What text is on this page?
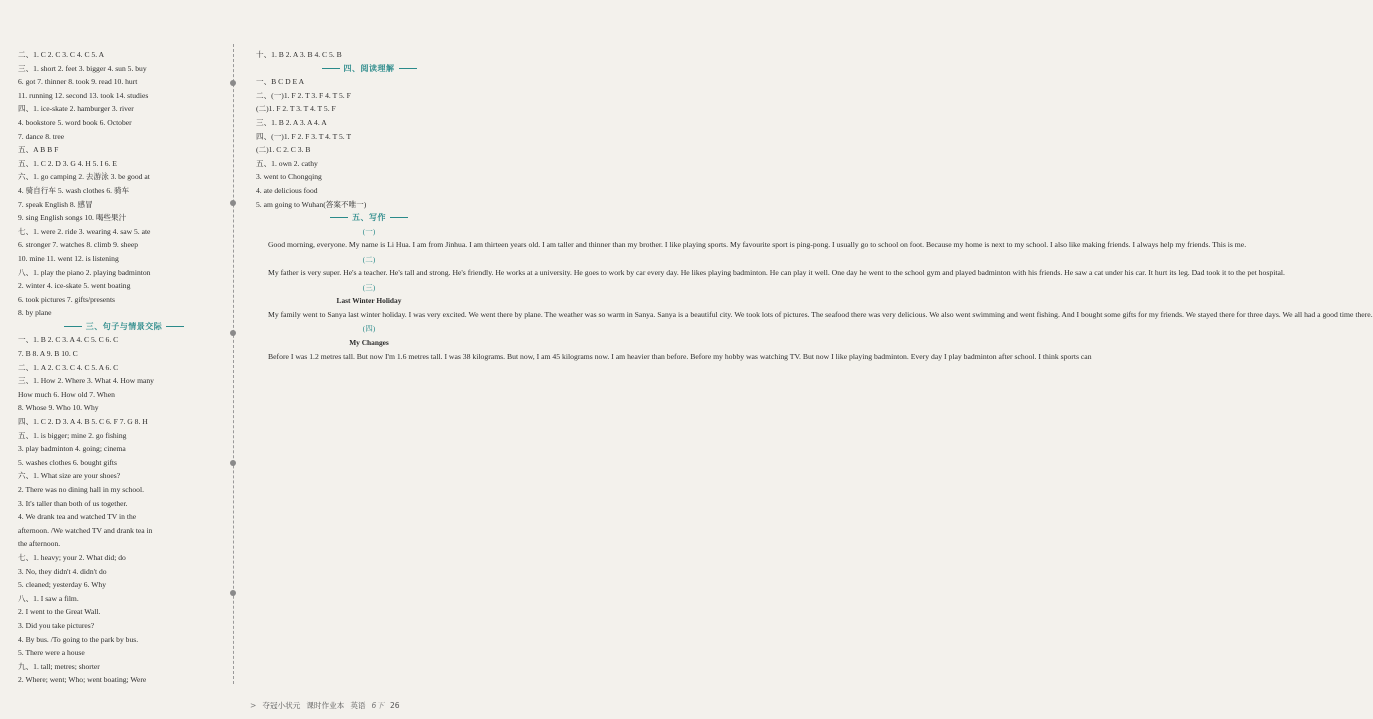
二、1. C 2. C 3. C 4. C 5. A

三、1. short 2. feet 3. bigger 4. sun 5. buy

6. got 7. thinner 8. took 9. read 10. hurt

11. running 12. second 13. took 14. studies

四、1. ice-skate 2. hamburger 3. river

4. bookstore 5. word book 6. October

7. dance 8. tree

五、A B B F

五、1. C 2. D 3. G 4. H 5. I 6. E

六、1. go camping 2. 去游泳 3. be good at

4. 骑自行车 5. wash clothes 6. 骑车

7. speak English 8. 感冒

9. sing English songs 10. 喝些果汁

七、1. were 2. ride 3. wearing 4. saw 5. ate

6. stronger 7. watches 8. climb 9. sheep

10. mine 11. went 12. is listening

八、1. play the piano 2. playing badminton

2. winter 4. ice-skate 5. went boating

6. took pictures 7. gifts/presents

8. by plane

三、句子与情景交际

一、1. B 2. C 3. A 4. C 5. C 6. C

7. B 8. A 9. B 10. C

二、1. A 2. C 3. C 4. C 5. A 6. C

三、1. How 2. Where 3. What 4. How many

How much 6. How old 7. When

8. Whose 9. Who 10. Why

四、1. C 2. D 3. A 4. B 5. C 6. F 7. G 8. H

五、1. is bigger; mine 2. go fishing

3. play badminton 4. going; cinema

5. washes clothes 6. bought gifts

六、1. What size are your shoes?

2. There was no dining hall in my school.

3. It's taller than both of us together.

4. We drank tea and watched TV in the

afternoon. /We watched TV and drank tea in

the afternoon.

七、1. heavy; your 2. What did; do

3. No, they didn't 4. didn't do

5. cleaned; yesterday 6. Why

八、1. I saw a film.

2. I went to the Great Wall.

3. Did you take pictures?

4. By bus. /To going to the park by bus.

5. There were a house

九、1. tall; metres; shorter

2. Where; went; Who; went boating; Were

十、1. B 2. A 3. B 4. C 5. B

四、阅读理解

一、B C D E A

二、(一)1. F 2. T 3. F 4. T 5. F

(二)1. F 2. T 3. T 4. T 5. F

三、1. B 2. A 3. A 4. A

四、(一)1. F 2. F 3. T 4. T 5. T

(二)1. C 2. C 3. B

五、1. own 2. cathy

3. went to Chongqing

4. ate delicious food

5. am going to Wuhan(答案不唯一)

五、写作

(一)

Good morning, everyone. My name is Li Hua. I am from Jinhua. I am thirteen years old. I am taller and thinner than my brother. I like playing sports. My favourite sport is ping-pong. I usually go to school on foot. Because my home is next to my school. I also like making friends. I always help my friends. This is me.

(二)

My father is very super. He's a teacher. He's tall and strong. He's friendly. He works at a university. He goes to work by car every day. He likes playing badminton. He can play it well. One day he went to the school gym and played badminton with his friends. He saw a cat under his car. It hurt its leg. Dad took it to the pet hospital.

(三)

Last Winter Holiday

My family went to Sanya last winter holiday. I was very excited. We went there by plane. The weather was so warm in Sanya. Sanya is a beautiful city. We took lots of pictures. The seafood there was very delicious. We also went swimming and went fishing. And I bought some gifts for my friends. We stayed there for three days. We all had a good time there.

(四)

My Changes

Before I was 1.2 metres tall. But now I'm 1.6 metres tall. I was 38 kilograms. But now, I am 45 kilograms now. I am heavier than before. Before my hobby was watching TV. But now I like playing badminton. Every day I play badminton after school. I think sports can

> 夺冠小状元 课时作业本 英语 6下 26
